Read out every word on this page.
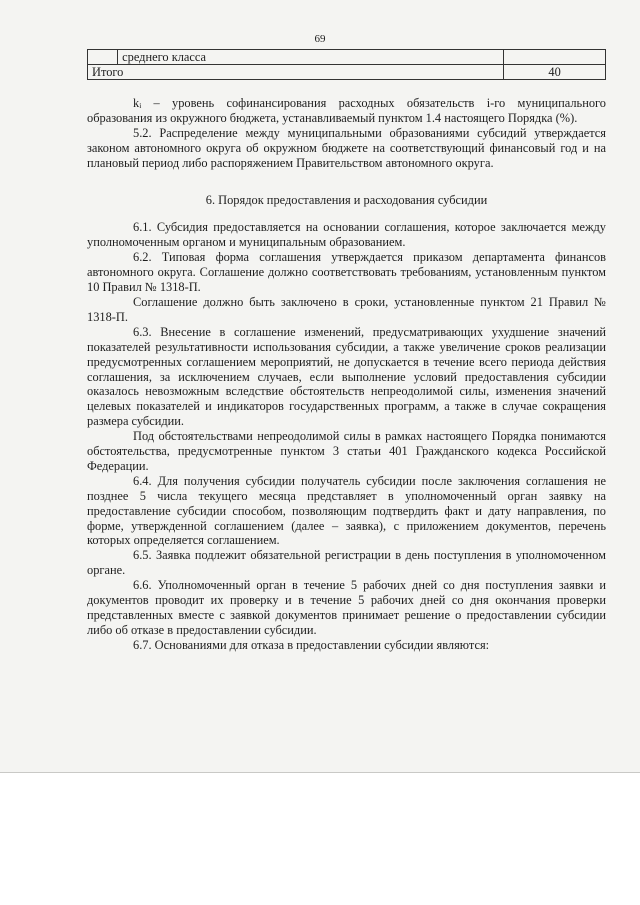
69
	среднего класса	
Итого		40

kᵢ – уровень софинансирования расходных обязательств i-го муниципального образования из окружного бюджета, устанавливаемый пунктом 1.4 настоящего Порядка (%).

5.2. Распределение между муниципальными образованиями субсидий утверждается законом автономного округа об окружном бюджете на соответствующий финансовый год и на плановый период либо распоряжением Правительством автономного округа.

6. Порядок предоставления и расходования субсидии

6.1. Субсидия предоставляется на основании соглашения, которое заключается между уполномоченным органом и муниципальным образованием.

6.2. Типовая форма соглашения утверждается приказом департамента финансов автономного округа. Соглашение должно соответствовать требованиям, установленным пунктом 10 Правил № 1318-П.

Соглашение должно быть заключено в сроки, установленные пунктом 21 Правил № 1318-П.

6.3. Внесение в соглашение изменений, предусматривающих ухудшение значений показателей результативности использования субсидии, а также увеличение сроков реализации предусмотренных соглашением мероприятий, не допускается в течение всего периода действия соглашения, за исключением случаев, если выполнение условий предоставления субсидии оказалось невозможным вследствие обстоятельств непреодолимой силы, изменения значений целевых показателей и индикаторов государственных программ, а также в случае сокращения размера субсидии.

Под обстоятельствами непреодолимой силы в рамках настоящего Порядка понимаются обстоятельства, предусмотренные пунктом 3 статьи 401 Гражданского кодекса Российской Федерации.

6.4. Для получения субсидии получатель субсидии после заключения соглашения не позднее 5 числа текущего месяца представляет в уполномоченный орган заявку на предоставление субсидии способом, позволяющим подтвердить факт и дату направления, по форме, утвержденной соглашением (далее – заявка), с приложением документов, перечень которых определяется соглашением.

6.5. Заявка подлежит обязательной регистрации в день поступления в уполномоченном органе.

6.6. Уполномоченный орган в течение 5 рабочих дней со дня поступления заявки и документов проводит их проверку и в течение 5 рабочих дней со дня окончания проверки представленных вместе с заявкой документов принимает решение о предоставлении субсидии либо об отказе в предоставлении субсидии.

6.7. Основаниями для отказа в предоставлении субсидии являются:
